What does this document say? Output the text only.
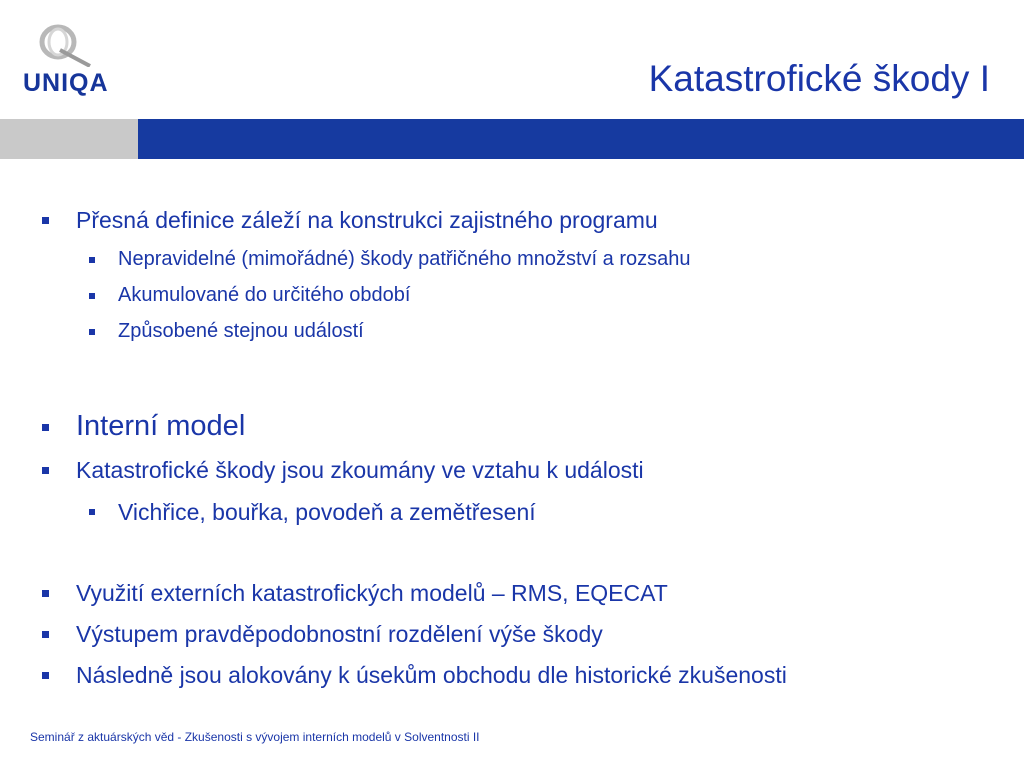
UNIQA	Katastrofické škody I
Přesná definice záleží na konstrukci zajistného programu
Nepravidelné (mimořádné) škody patřičného množství a rozsahu
Akumulované do určitého období
Způsobené stejnou událostí
Interní model
Katastrofické škody jsou zkoumány ve vztahu k události
Vichřice, bouřka, povodeň a zemětřesení
Využití externích katastrofických modelů – RMS, EQECAT
Výstupem pravděpodobnostní rozdělení výše škody
Následně jsou alokovány k úsekům obchodu dle historické zkušenosti
Seminář z aktuárských věd - Zkušenosti s vývojem interních modelů v Solventnosti II
